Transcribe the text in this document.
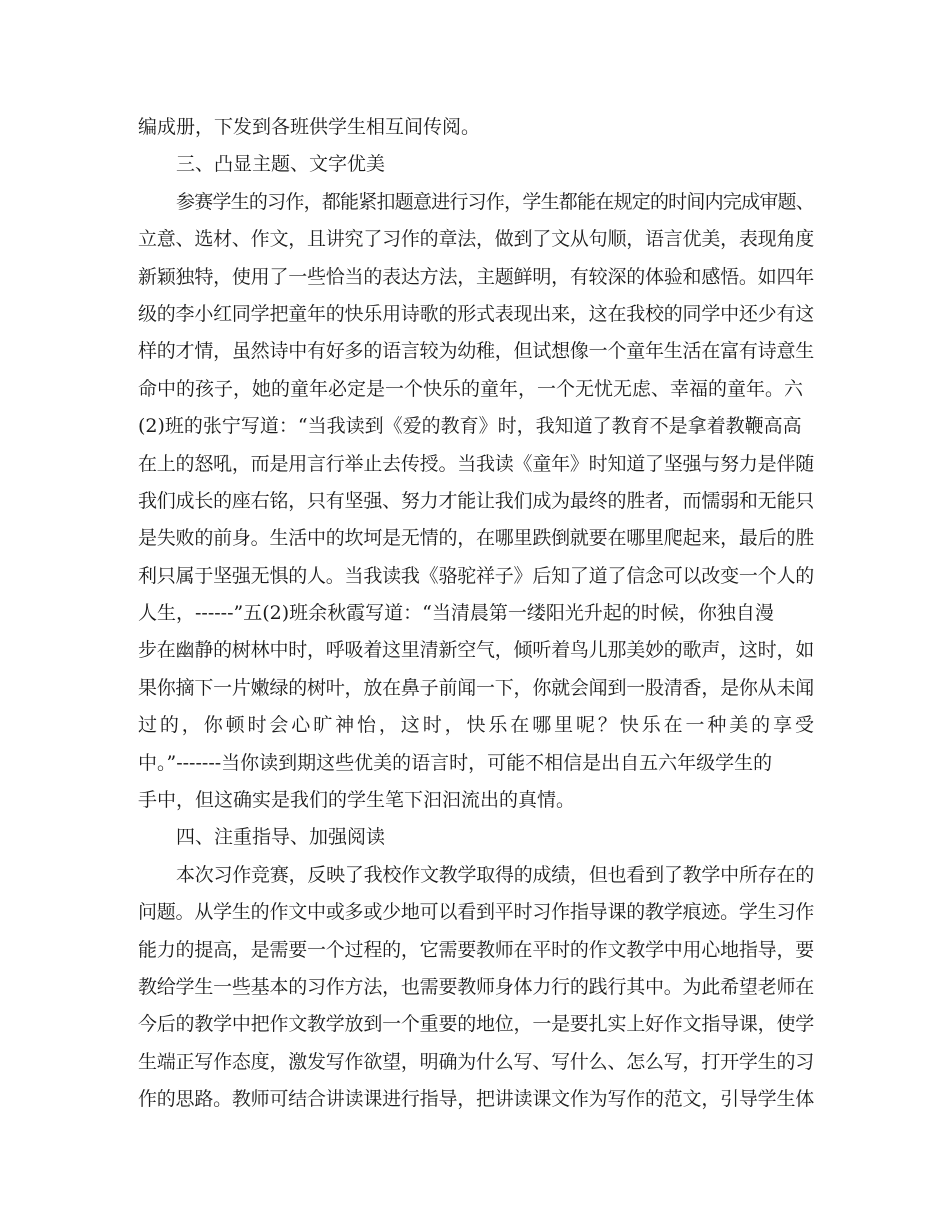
编成册，下发到各班供学生相互间传阅。
三、凸显主题、文字优美
参赛学生的习作，都能紧扣题意进行习作，学生都能在规定的时间内完成审题、
立意、选材、作文，且讲究了习作的章法，做到了文从句顺，语言优美，表现角度
新颖独特，使用了一些恰当的表达方法，主题鲜明，有较深的体验和感悟。如四年
级的李小红同学把童年的快乐用诗歌的形式表现出来，这在我校的同学中还少有这
样的才情，虽然诗中有好多的语言较为幼稚，但试想像一个童年生活在富有诗意生
命中的孩子，她的童年必定是一个快乐的童年，一个无忧无虑、幸福的童年。六
(2)班的张宁写道：“当我读到《爱的教育》时，我知道了教育不是拿着教鞭高高
在上的怒吼，而是用言行举止去传授。当我读《童年》时知道了坚强与努力是伴随
我们成长的座右铭，只有坚强、努力才能让我们成为最终的胜者，而懦弱和无能只
是失败的前身。生活中的坎坷是无情的，在哪里跌倒就要在哪里爬起来，最后的胜
利只属于坚强无惧的人。当我读我《骆驼祥子》后知了道了信念可以改变一个人的
人生，------”五(2)班余秋霞写道：“当清晨第一缕阳光升起的时候，你独自漫
步在幽静的树林中时，呼吸着这里清新空气，倾听着鸟儿那美妙的歌声，这时，如
果你摘下一片嫩绿的树叶，放在鼻子前闻一下，你就会闻到一股清香，是你从未闻
过的，你顿时会心旷神怡，这时，快乐在哪里呢？快乐在一种美的享受
中。”-------当你读到期这些优美的语言时，可能不相信是出自五六年级学生的
手中，但这确实是我们的学生笔下汩汩流出的真情。
四、注重指导、加强阅读
本次习作竞赛，反映了我校作文教学取得的成绩，但也看到了教学中所存在的
问题。从学生的作文中或多或少地可以看到平时习作指导课的教学痕迹。学生习作
能力的提高，是需要一个过程的，它需要教师在平时的作文教学中用心地指导，要
教给学生一些基本的习作方法，也需要教师身体力行的践行其中。为此希望老师在
今后的教学中把作文教学放到一个重要的地位，一是要扎实上好作文指导课，使学
生端正写作态度，激发写作欲望，明确为什么写、写什么、怎么写，打开学生的习
作的思路。教师可结合讲读课进行指导，把讲读课文作为写作的范文，引导学生体
